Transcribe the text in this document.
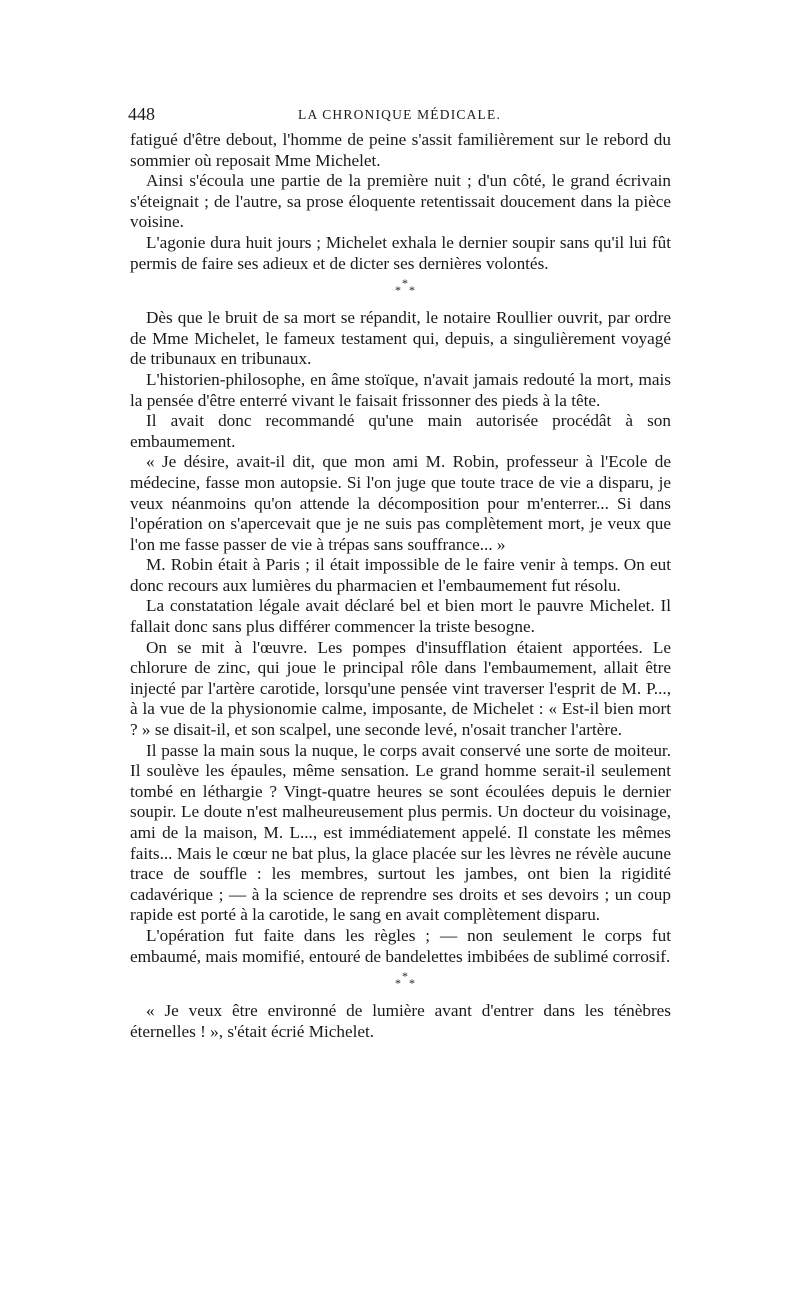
448	LA CHRONIQUE MÉDICALE.

fatigué d'être debout, l'homme de peine s'assit familièrement sur le rebord du sommier où reposait Mme Michelet.

Ainsi s'écoula une partie de la première nuit ; d'un côté, le grand écrivain s'éteignait ; de l'autre, sa prose éloquente retentissait doucement dans la pièce voisine.

L'agonie dura huit jours ; Michelet exhala le dernier soupir sans qu'il lui fût permis de faire ses adieux et de dicter ses dernières volontés.

*
* *

Dès que le bruit de sa mort se répandit, le notaire Roullier ouvrit, par ordre de Mme Michelet, le fameux testament qui, depuis, a singulièrement voyagé de tribunaux en tribunaux.

L'historien-philosophe, en âme stoïque, n'avait jamais redouté la mort, mais la pensée d'être enterré vivant le faisait frissonner des pieds à la tête.

Il avait donc recommandé qu'une main autorisée procédât à son embaumement.

« Je désire, avait-il dit, que mon ami M. Robin, professeur à l'Ecole de médecine, fasse mon autopsie. Si l'on juge que toute trace de vie a disparu, je veux néanmoins qu'on attende la décomposition pour m'enterrer... Si dans l'opération on s'apercevait que je ne suis pas complètement mort, je veux que l'on me fasse passer de vie à trépas sans souffrance... »

M. Robin était à Paris ; il était impossible de le faire venir à temps. On eut donc recours aux lumières du pharmacien et l'embaumement fut résolu.

La constatation légale avait déclaré bel et bien mort le pauvre Michelet. Il fallait donc sans plus différer commencer la triste besogne.

On se mit à l'œuvre. Les pompes d'insufflation étaient apportées. Le chlorure de zinc, qui joue le principal rôle dans l'embaumement, allait être injecté par l'artère carotide, lorsqu'une pensée vint traverser l'esprit de M. P..., à la vue de la physionomie calme, imposante, de Michelet : « Est-il bien mort ? » se disait-il, et son scalpel, une seconde levé, n'osait trancher l'artère.

Il passe la main sous la nuque, le corps avait conservé une sorte de moiteur. Il soulève les épaules, même sensation. Le grand homme serait-il seulement tombé en léthargie ? Vingt-quatre heures se sont écoulées depuis le dernier soupir. Le doute n'est malheureusement plus permis. Un docteur du voisinage, ami de la maison, M. L..., est immédiatement appelé. Il constate les mêmes faits... Mais le cœur ne bat plus, la glace placée sur les lèvres ne révèle aucune trace de souffle : les membres, surtout les jambes, ont bien la rigidité cadavérique ; — à la science de reprendre ses droits et ses devoirs ; un coup rapide est porté à la carotide, le sang en avait complètement disparu.

L'opération fut faite dans les règles ; — non seulement le corps fut embaumé, mais momifié, entouré de bandelettes imbibées de sublimé corrosif.

*
* *

« Je veux être environné de lumière avant d'entrer dans les ténèbres éternelles ! », s'était écrié Michelet.
